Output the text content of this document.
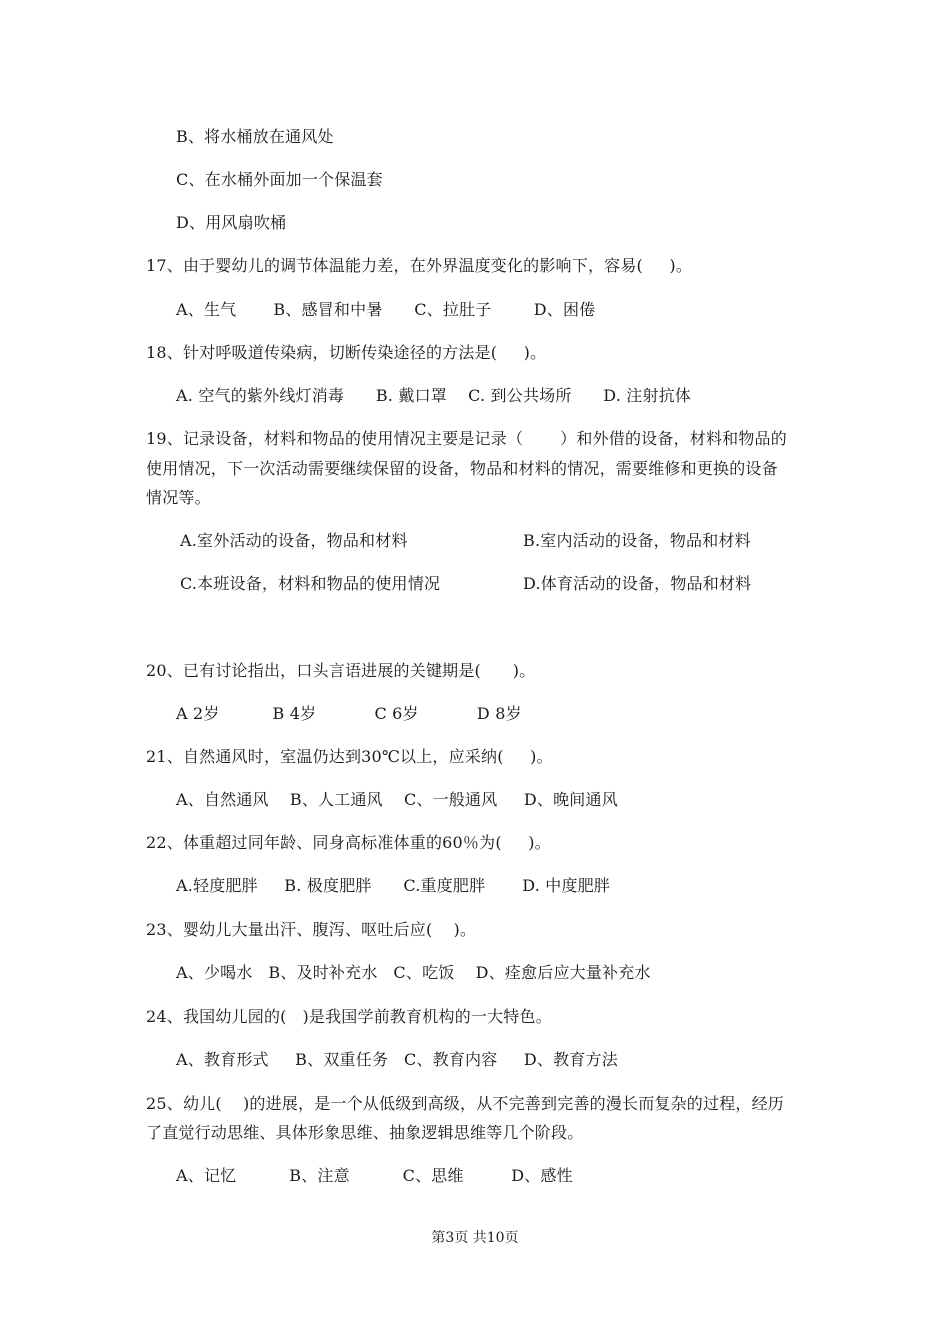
B、将水桶放在通风处
C、在水桶外面加一个保温套
D、用风扇吹桶
17、由于婴幼儿的调节体温能力差，在外界温度变化的影响下，容易(     )。
A、生气       B、感冒和中暑      C、拉肚子        D、困倦
18、针对呼吸道传染病，切断传染途径的方法是(     )。
A. 空气的紫外线灯消毒      B. 戴口罩    C. 到公共场所      D. 注射抗体
19、记录设备，材料和物品的使用情况主要是记录（       ）和外借的设备，材料和物品的
使用情况，下一次活动需要继续保留的设备，物品和材料的情况，需要维修和更换的设备
情况等。
A.室外活动的设备，物品和材料	B.室内活动的设备，物品和材料
C.本班设备，材料和物品的使用情况	D.体育活动的设备，物品和材料
20、已有讨论指出，口头言语进展的关键期是(      )。
A 2岁          B 4岁           C 6岁           D 8岁
21、自然通风时，室温仍达到30℃以上，应采纳(     )。
A、自然通风    B、人工通风    C、一般通风     D、晚间通风
22、体重超过同年龄、同身高标准体重的60％为(     )。
A.轻度肥胖     B. 极度肥胖      C.重度肥胖       D. 中度肥胖
23、婴幼儿大量出汗、腹泻、呕吐后应(    )。
A、少喝水   B、及时补充水   C、吃饭    D、痊愈后应大量补充水
24、我国幼儿园的(   )是我国学前教育机构的一大特色。
A、教育形式     B、双重任务   C、教育内容     D、教育方法
25、幼儿(    )的进展，是一个从低级到高级，从不完善到完善的漫长而复杂的过程，经历
了直觉行动思维、具体形象思维、抽象逻辑思维等几个阶段。
A、记忆          B、注意          C、思维         D、感性
第3页 共10页
